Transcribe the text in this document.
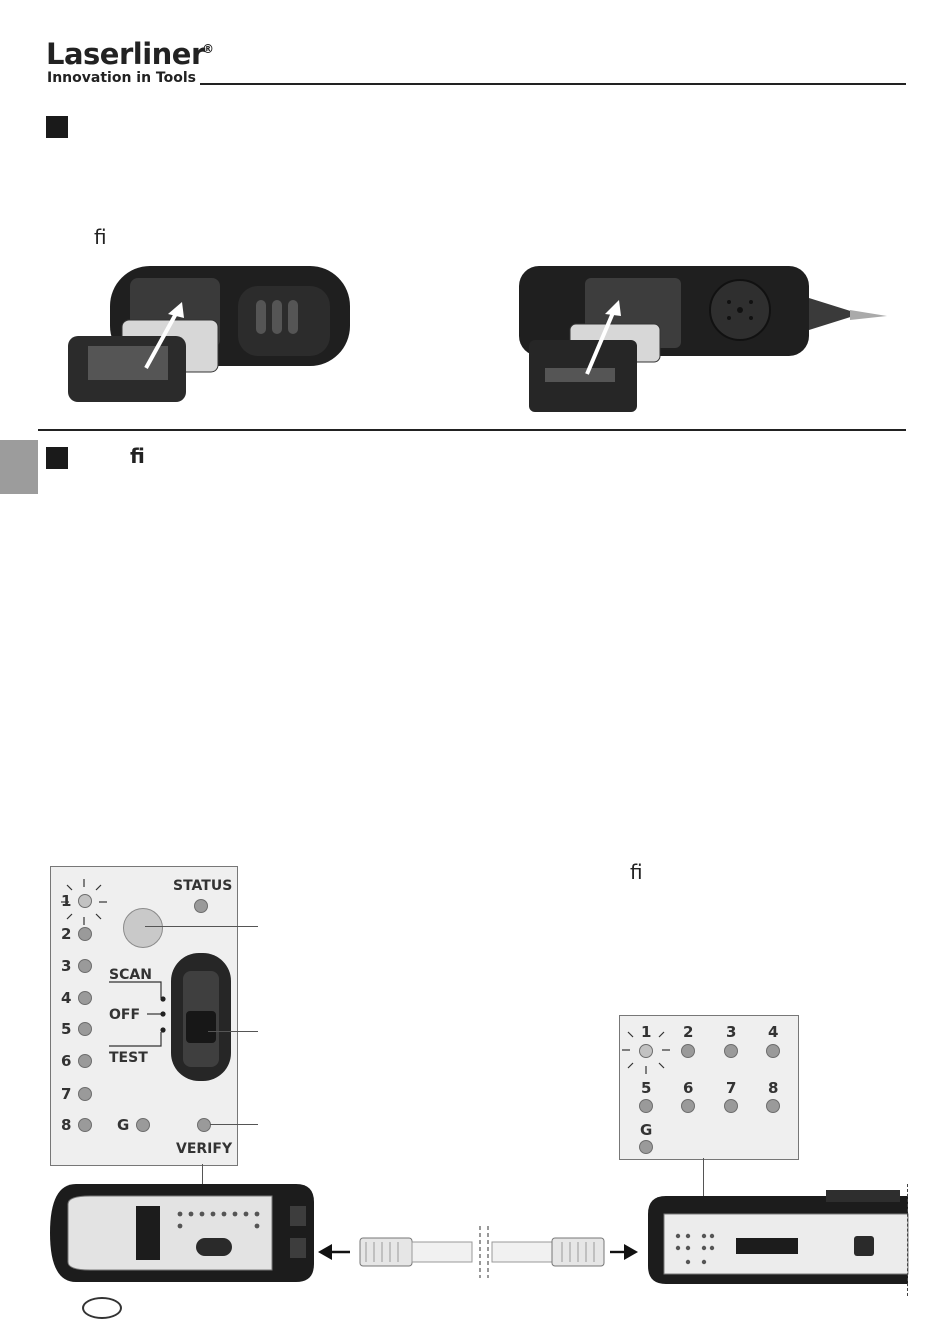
Laserliner
®
Innovation in Tools
fi
fi
fi
STATUS
1
2
3
4
5
6
7
8	G
SCAN
OFF
TEST
VERIFY
1 2 3 4
5 6 7 8
G
